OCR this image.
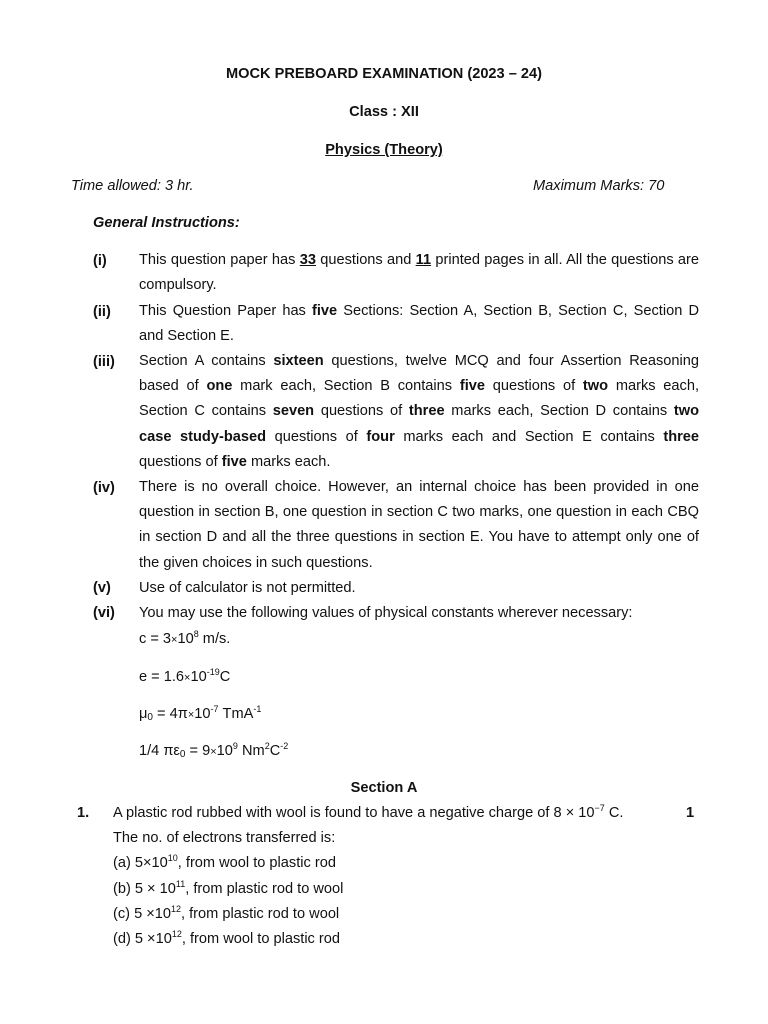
MOCK PREBOARD EXAMINATION (2023 – 24)
Class : XII
Physics (Theory)
Time allowed: 3 hr.	Maximum Marks: 70
General Instructions:
(i) This question paper has 33 questions and 11 printed pages in all. All the questions are compulsory.
(ii) This Question Paper has five Sections: Section A, Section B, Section C, Section D and Section E.
(iii) Section A contains sixteen questions, twelve MCQ and four Assertion Reasoning based of one mark each, Section B contains five questions of two marks each, Section C contains seven questions of three marks each, Section D contains two case study-based questions of four marks each and Section E contains three questions of five marks each.
(iv) There is no overall choice. However, an internal choice has been provided in one question in section B, one question in section C two marks, one question in each CBQ in section D and all the three questions in section E. You have to attempt only one of the given choices in such questions.
(v) Use of calculator is not permitted.
(vi) You may use the following values of physical constants wherever necessary:
$c = 3\times 10^8$ m/s.
$e = 1.6\times 10^{-19}C$
$\mu_0 = 4\pi\times 10^{-7}$ TmA$^{-1}$
1/4 $\pi\varepsilon_0 = 9\times 10^9$ $Nm^2C^{-2}$
Section A
1. A plastic rod rubbed with wool is found to have a negative charge of $8 \times 10^{-7}$ C.	1
The no. of electrons transferred is:
(a) $5\times 10^{10}$, from wool to plastic rod
(b) $5 \times 10^{11}$, from plastic rod to wool
(c) $5 \times 10^{12}$, from plastic rod to wool
(d) $5 \times 10^{12}$, from wool to plastic rod
